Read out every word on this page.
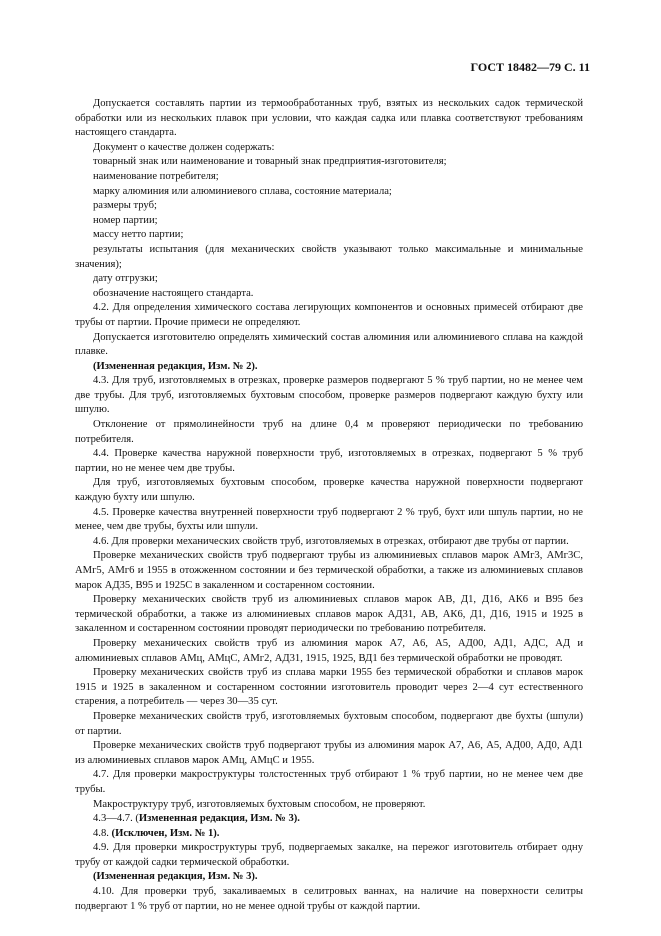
ГОСТ 18482—79 С. 11

Допускается составлять партии из термообработанных труб, взятых из нескольких садок термической обработки или из нескольких плавок при условии, что каждая садка или плавка соответствуют требованиям настоящего стандарта.

Документ о качестве должен содержать:

товарный знак или наименование и товарный знак предприятия-изготовителя;

наименование потребителя;

марку алюминия или алюминиевого сплава, состояние материала;

размеры труб;

номер партии;

массу нетто партии;

результаты испытания (для механических свойств указывают только максимальные и минимальные значения);

дату отгрузки;

обозначение настоящего стандарта.

4.2. Для определения химического состава легирующих компонентов и основных примесей отбирают две трубы от партии. Прочие примеси не определяют.

Допускается изготовителю определять химический состав алюминия или алюминиевого сплава на каждой плавке.

(Измененная редакция, Изм. № 2).

4.3. Для труб, изготовляемых в отрезках, проверке размеров подвергают 5 % труб партии, но не менее чем две трубы. Для труб, изготовляемых бухтовым способом, проверке размеров подвергают каждую бухту или шпулю.

Отклонение от прямолинейности труб на длине 0,4 м проверяют периодически по требованию потребителя.

4.4. Проверке качества наружной поверхности труб, изготовляемых в отрезках, подвергают 5 % труб партии, но не менее чем две трубы.

Для труб, изготовляемых бухтовым способом, проверке качества наружной поверхности подвергают каждую бухту или шпулю.

4.5. Проверке качества внутренней поверхности труб подвергают 2 % труб, бухт или шпуль партии, но не менее, чем две трубы, бухты или шпули.

4.6. Для проверки механических свойств труб, изготовляемых в отрезках, отбирают две трубы от партии.

Проверке механических свойств труб подвергают трубы из алюминиевых сплавов марок АМг3, АМг3С, АМг5, АМг6 и 1955 в отожженном состоянии и без термической обработки, а также из алюминиевых сплавов марок АД35, В95 и 1925С в закаленном и состаренном состоянии.

Проверку механических свойств труб из алюминиевых сплавов марок АВ, Д1, Д16, АК6 и В95 без термической обработки, а также из алюминиевых сплавов марок АД31, АВ, АК6, Д1, Д16, 1915 и 1925 в закаленном и состаренном состоянии проводят периодически по требованию потребителя.

Проверку механических свойств труб из алюминия марок А7, А6, А5, АД00, АД1, АДС, АД и алюминиевых сплавов АМц, АМцС, АМг2, АД31, 1915, 1925, ВД1 без термической обработки не проводят.

Проверку механических свойств труб из сплава марки 1955 без термической обработки и сплавов марок 1915 и 1925 в закаленном и состаренном состоянии изготовитель проводит через 2—4 сут естественного старения, а потребитель — через 30—35 сут.

Проверке механических свойств труб, изготовляемых бухтовым способом, подвергают две бухты (шпули) от партии.

Проверке механических свойств труб подвергают трубы из алюминия марок А7, А6, А5, АД00, АД0, АД1 из алюминиевых сплавов марок АМц, АМцС и 1955.

4.7. Для проверки макроструктуры толстостенных труб отбирают 1 % труб партии, но не менее чем две трубы.

Макроструктуру труб, изготовляемых бухтовым способом, не проверяют.

4.3—4.7. (Измененная редакция, Изм. № 3).

4.8. (Исключен, Изм. № 1).

4.9. Для проверки микроструктуры труб, подвергаемых закалке, на пережог изготовитель отбирает одну трубу от каждой садки термической обработки.

(Измененная редакция, Изм. № 3).

4.10. Для проверки труб, закаливаемых в селитровых ваннах, на наличие на поверхности селитры подвергают 1 % труб от партии, но не менее одной трубы от каждой партии.
